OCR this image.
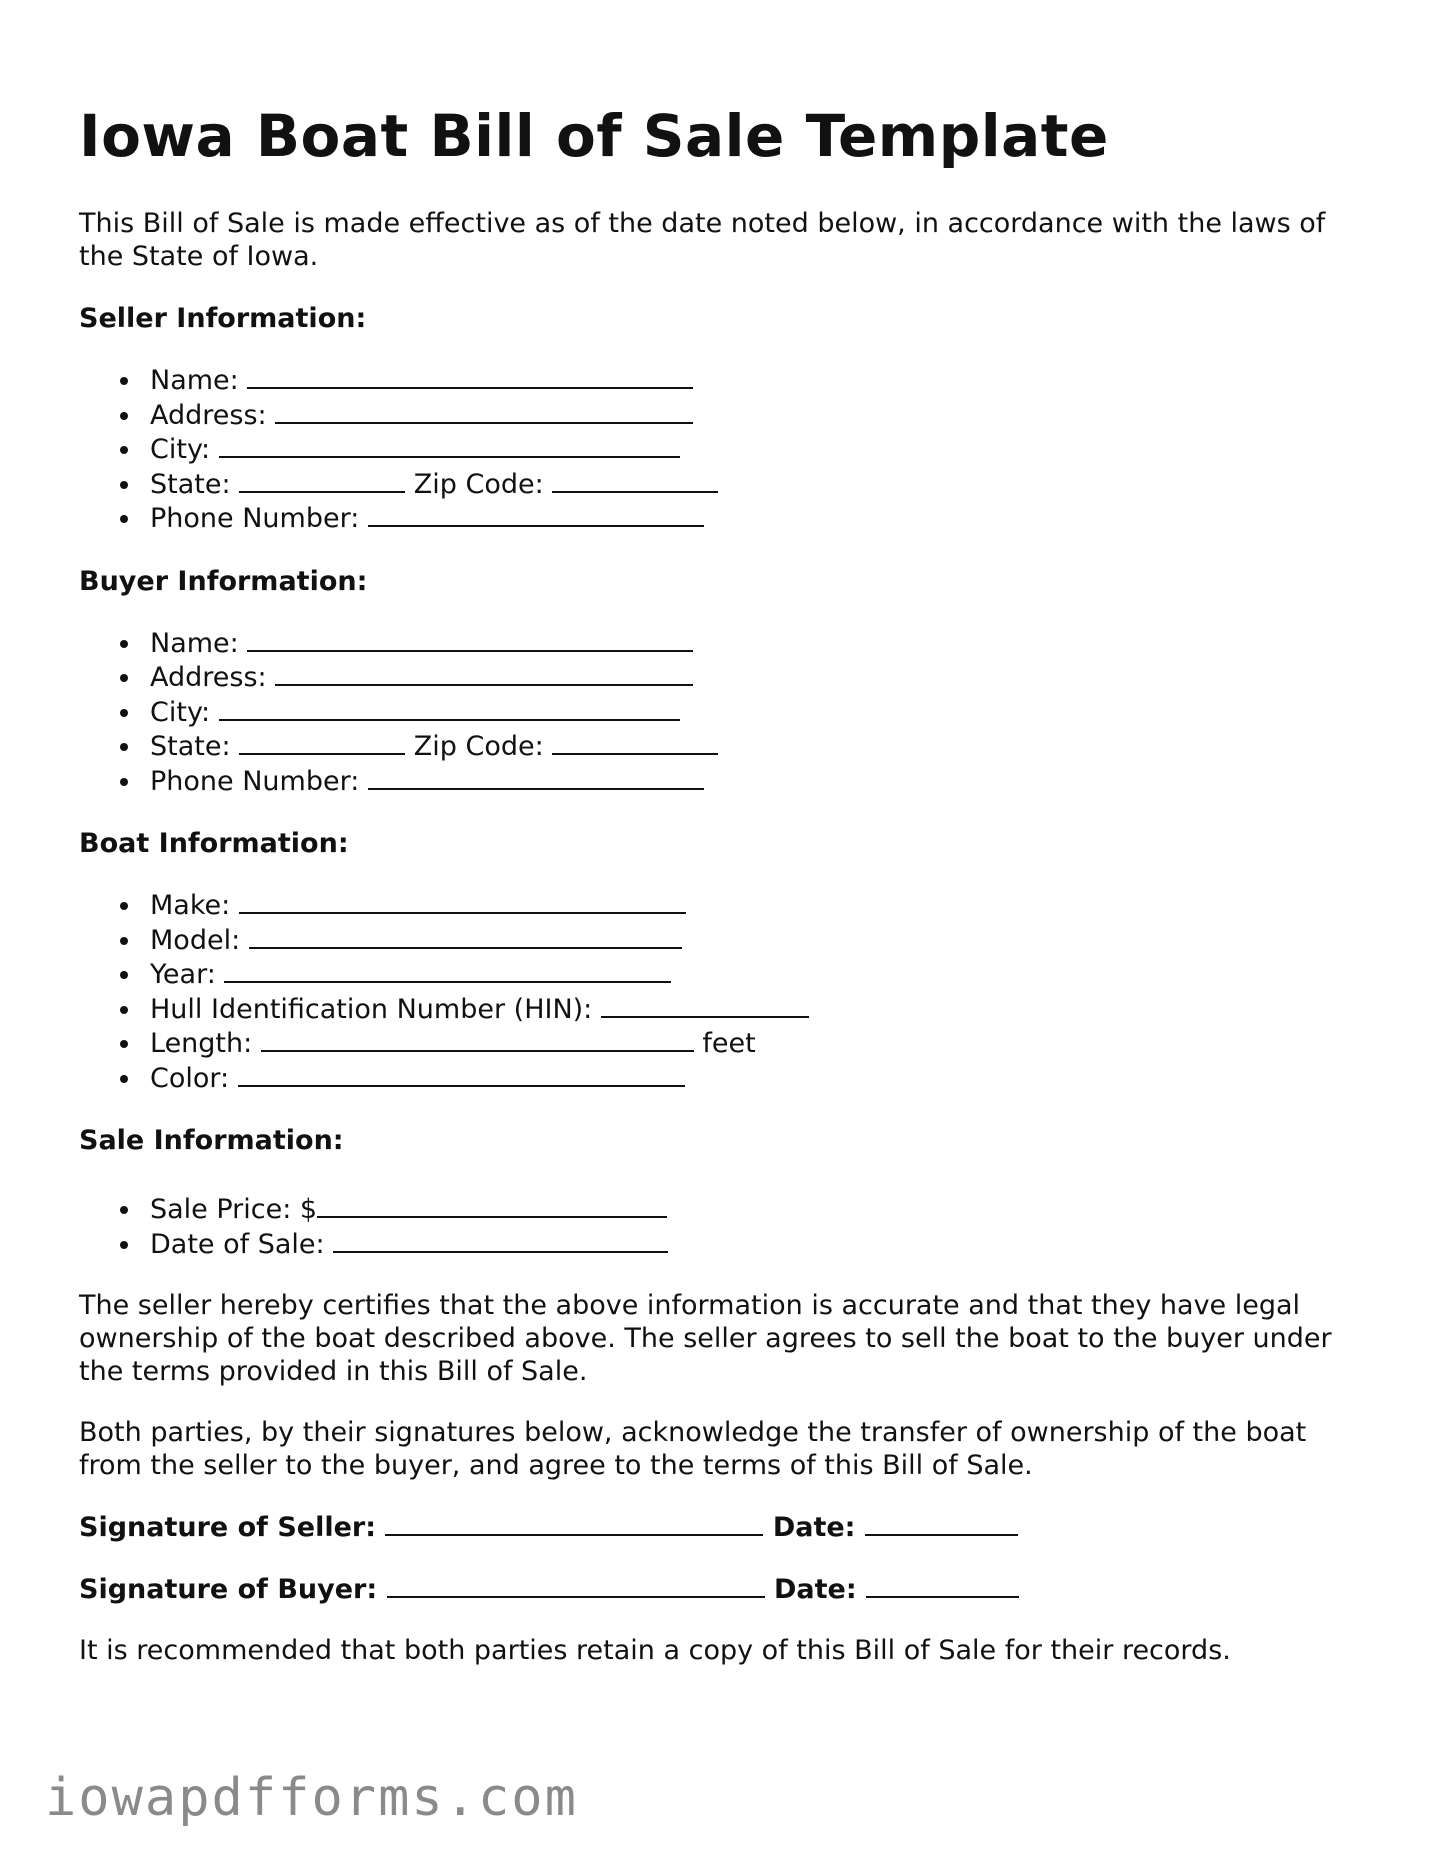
Iowa Boat Bill of Sale Template

This Bill of Sale is made effective as of the date noted below, in accordance with the laws of the State of Iowa.

Seller Information:
Name:
Address:
City:
State:	Zip Code:
Phone Number:
Buyer Information:
Name:
Address:
City:
State:	Zip Code:
Phone Number:
Boat Information:
Make:
Model:
Year:
Hull Identification Number (HIN):
Length:	feet
Color:
Sale Information:
Sale Price: $
Date of Sale:

The seller hereby certifies that the above information is accurate and that they have legal ownership of the boat described above. The seller agrees to sell the boat to the buyer under the terms provided in this Bill of Sale.

Both parties, by their signatures below, acknowledge the transfer of ownership of the boat from the seller to the buyer, and agree to the terms of this Bill of Sale.

Signature of Seller:	Date:
Signature of Buyer:	Date:

It is recommended that both parties retain a copy of this Bill of Sale for their records.

iowapdfforms.com
